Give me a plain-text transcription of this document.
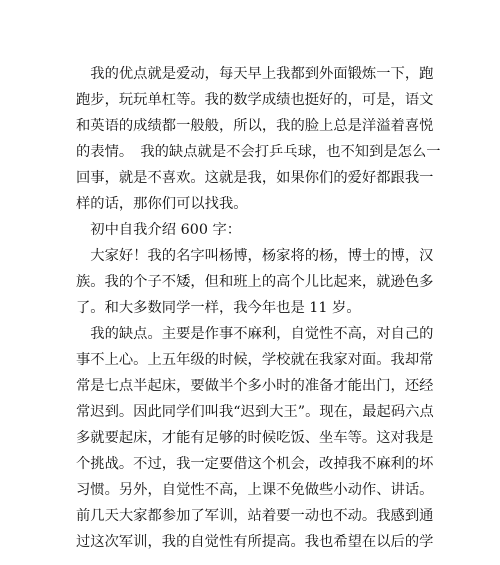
　我的优点就是爱动，每天早上我都到外面锻炼一下，跑
跑步，玩玩单杠等。我的数学成绩也挺好的，可是，语文
和英语的成绩都一般般，所以，我的脸上总是洋溢着喜悦
的表情。　我的缺点就是不会打乒乓球，也不知到是怎么一
回事，就是不喜欢。这就是我，如果你们的爱好都跟我一
样的话，那你们可以找我。
　初中自我介绍 600 字：
　大家好！我的名字叫杨博，杨家将的杨，博士的博，汉
族。我的个子不矮，但和班上的高个儿比起来，就逊色多
了。和大多数同学一样，我今年也是 11 岁。
　我的缺点。主要是作事不麻利，自觉性不高，对自己的
事不上心。上五年级的时候，学校就在我家对面。我却常
常是七点半起床，要做半个多小时的准备才能出门，还经
常迟到。因此同学们叫我“迟到大王”。现在，最起码六点
多就要起床，才能有足够的时候吃饭、坐车等。这对我是
个挑战。不过，我一定要借这个机会，改掉我不麻利的坏
习惯。另外，自觉性不高，上课不免做些小动作、讲话。
前几天大家都参加了军训，站着要一动也不动。我感到通
过这次军训，我的自觉性有所提高。我也希望在以后的学
